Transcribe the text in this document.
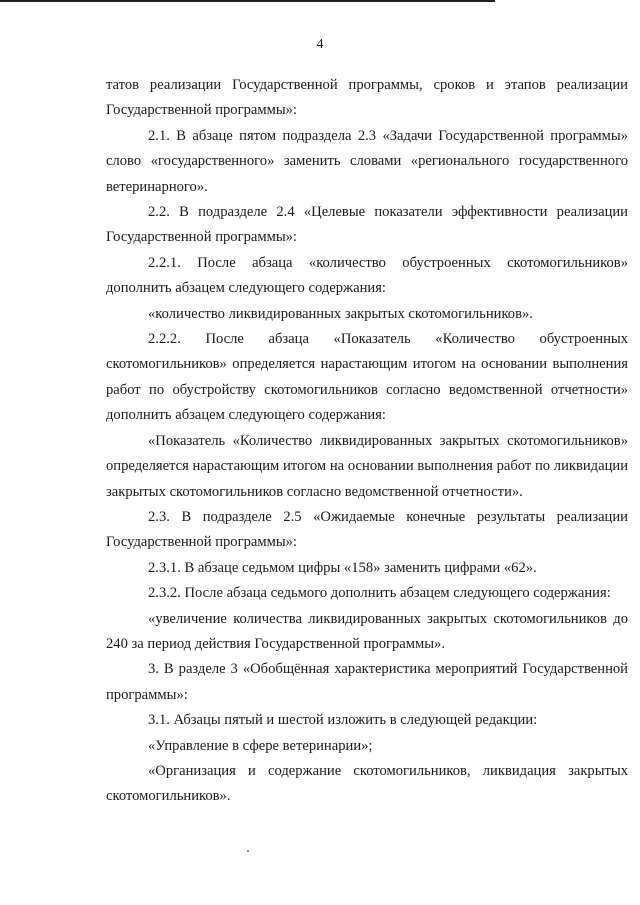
4

татов реализации Государственной программы, сроков и этапов реализации Государственной программы»:

2.1. В абзаце пятом подраздела 2.3 «Задачи Государственной программы» слово «государственного» заменить словами «регионального государственного ветеринарного».

2.2. В подразделе 2.4 «Целевые показатели эффективности реализации Государственной программы»:

2.2.1. После абзаца «количество обустроенных скотомогильников» дополнить абзацем следующего содержания:

«количество ликвидированных закрытых скотомогильников».

2.2.2. После абзаца «Показатель «Количество обустроенных скотомогильников» определяется нарастающим итогом на основании выполнения работ по обустройству скотомогильников согласно ведомственной отчетности» дополнить абзацем следующего содержания:

«Показатель «Количество ликвидированных закрытых скотомогильников» определяется нарастающим итогом на основании выполнения работ по ликвидации закрытых скотомогильников согласно ведомственной отчетности».

2.3. В подразделе 2.5 «Ожидаемые конечные результаты реализации Государственной программы»:

2.3.1. В абзаце седьмом цифры «158» заменить цифрами «62».

2.3.2. После абзаца седьмого дополнить абзацем следующего содержания:

«увеличение количества ликвидированных закрытых скотомогильников до 240 за период действия Государственной программы».

3. В разделе 3 «Обобщённая характеристика мероприятий Государственной программы»:

3.1. Абзацы пятый и шестой изложить в следующей редакции:

«Управление в сфере ветеринарии»;

«Организация и содержание скотомогильников, ликвидация закрытых скотомогильников».
